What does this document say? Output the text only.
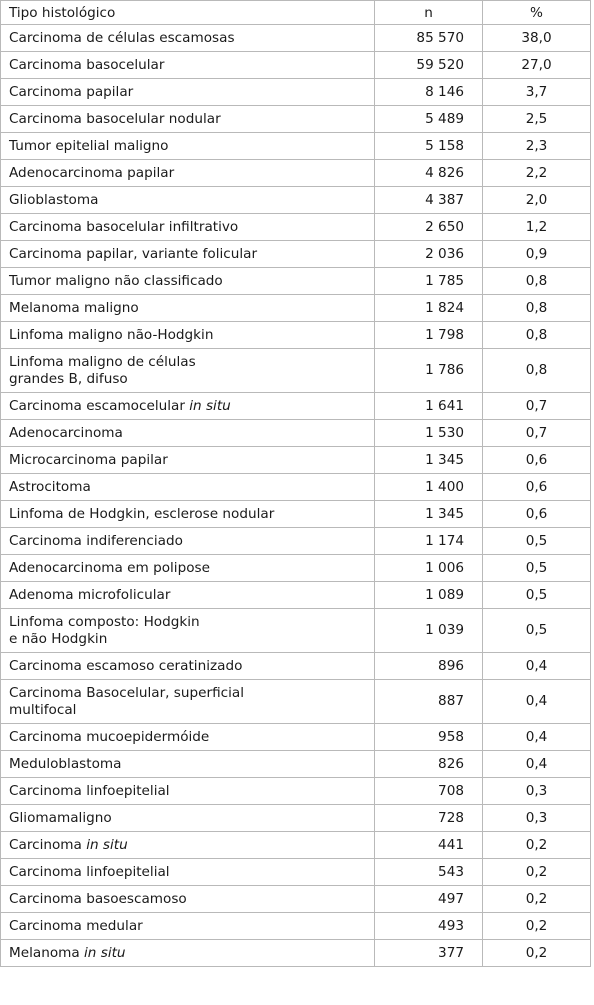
Tipo histológico	n	%
Carcinoma de células escamosas	85 570	38,0
Carcinoma basocelular	59 520	27,0
Carcinoma papilar	8 146	3,7
Carcinoma basocelular nodular	5 489	2,5
Tumor epitelial maligno	5 158	2,3
Adenocarcinoma papilar	4 826	2,2
Glioblastoma	4 387	2,0
Carcinoma basocelular infiltrativo	2 650	1,2
Carcinoma papilar, variante folicular	2 036	0,9
Tumor maligno não classificado	1 785	0,8
Melanoma maligno	1 824	0,8
Linfoma maligno não-Hodgkin	1 798	0,8
Linfoma maligno de células
grandes B, difuso	1 786	0,8
Carcinoma escamocelular in situ	1 641	0,7
Adenocarcinoma	1 530	0,7
Microcarcinoma papilar	1 345	0,6
Astrocitoma	1 400	0,6
Linfoma de Hodgkin, esclerose nodular	1 345	0,6
Carcinoma indiferenciado	1 174	0,5
Adenocarcinoma em polipose	1 006	0,5
Adenoma microfolicular	1 089	0,5
Linfoma composto: Hodgkin
e não Hodgkin	1 039	0,5
Carcinoma escamoso ceratinizado	896	0,4
Carcinoma Basocelular, superficial
multifocal	887	0,4
Carcinoma mucoepidermóide	958	0,4
Meduloblastoma	826	0,4
Carcinoma linfoepitelial	708	0,3
Gliomamaligno	728	0,3
Carcinoma in situ	441	0,2
Carcinoma linfoepitelial	543	0,2
Carcinoma basoescamoso	497	0,2
Carcinoma medular	493	0,2
Melanoma in situ	377	0,2
